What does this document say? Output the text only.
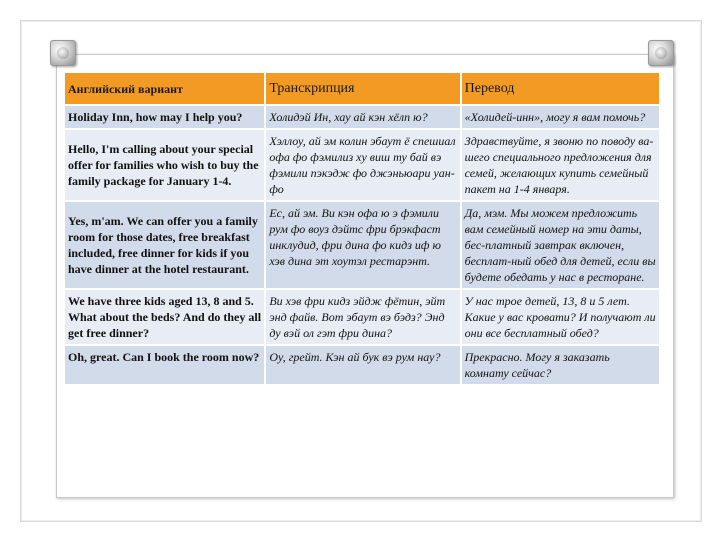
Английский вариант	Транскрипция	Перевод
Holiday Inn, how may I help you?	Холидэй Ин, хау ай кэн хёлп ю?	«Холидей-инн», могу я вам помочь?
Hello, I'm calling about your special offer for families who wish to buy the family package for January 1-4.	Хэллоу, ай эм колин эбаут ё спешиал офа фо фэмилиз ху виш ту бай вэ фэмили пэкэдж фо джэньюари уан-фо	Здравствуйте, я звоню по поводу ва-шего специального предложения для семей, желающих купить семейный пакет на 1-4 января.
Yes, m'am. We can offer you a family room for those dates, free breakfast included, free dinner for kids if you have dinner at the hotel restaurant.	Ес, ай эм. Ви кэн офа ю э фэмили рум фо воуз дэйтс фри брэкфаст инклудид, фри дина фо кидз иф ю хэв дина эт хоутэл рестарэнт.	Да, мэм. Мы можем предложить вам семейный номер на эти даты, бес-платный завтрак включен, бесплат-ный обед для детей, если вы будете обедать у нас в ресторане.
We have three kids aged 13, 8 and 5. What about the beds? And do they all get free dinner?	Ви хэв фри кидз эйдж фётин, эйт энд файв. Вот эбаут вэ бэдз? Энд ду вэй ол гэт фри дина?	У нас трое детей, 13, 8 и 5 лет. Какие у вас кровати? И получают ли они все бесплатный обед?
Oh, great. Can I book the room now?	Оу, грейт. Кэн ай бук вэ рум нау?	Прекрасно. Могу я заказать комнату сейчас?
